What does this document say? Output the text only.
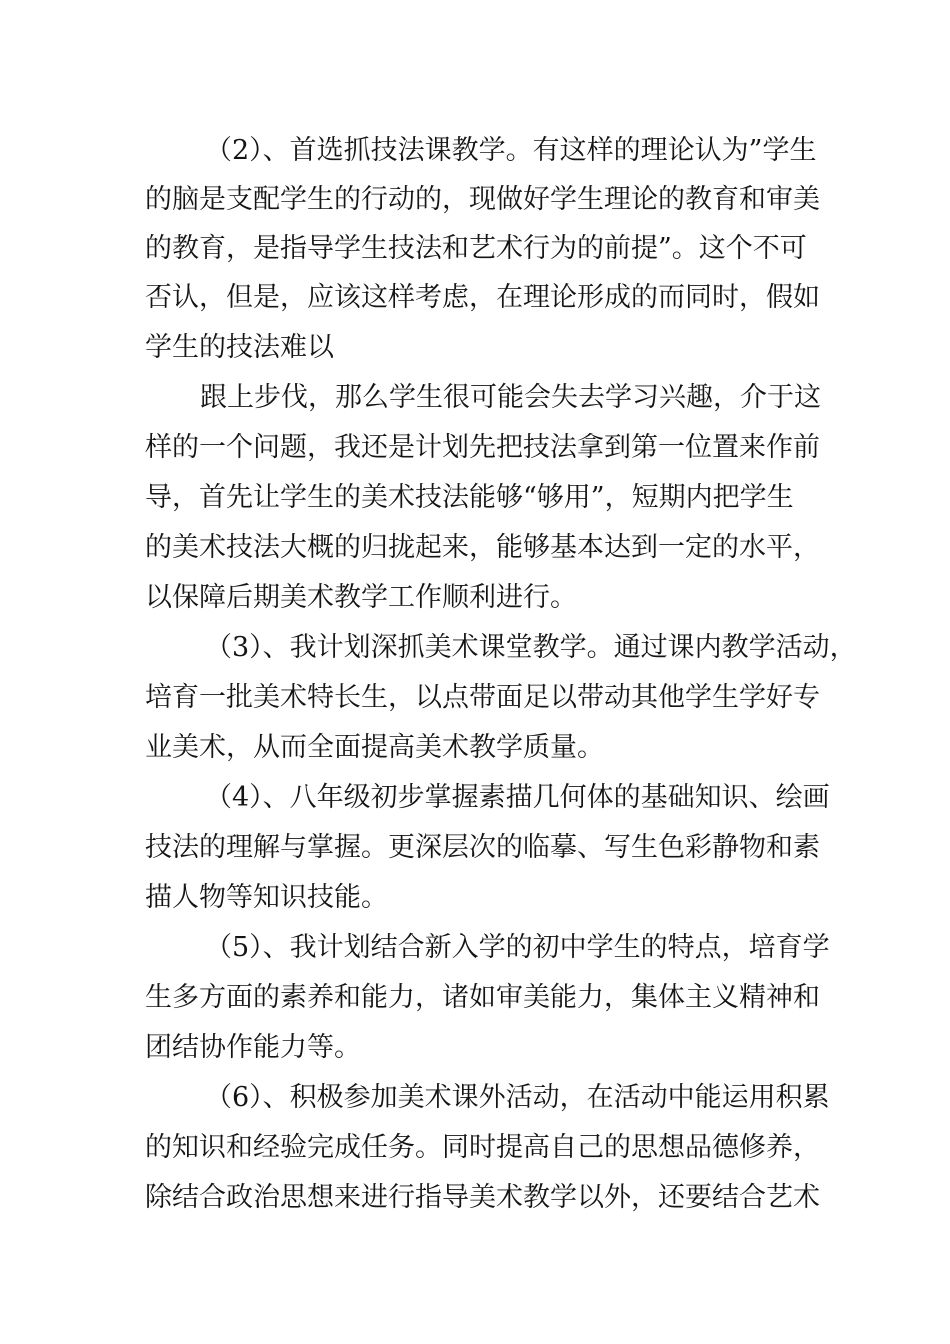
（2）、首选抓技法课教学。有这样的理论认为”学生
的脑是支配学生的行动的，现做好学生理论的教育和审美
的教育，是指导学生技法和艺术行为的前提”。这个不可
否认，但是，应该这样考虑，在理论形成的而同时，假如
学生的技法难以
跟上步伐，那么学生很可能会失去学习兴趣，介于这
样的一个问题，我还是计划先把技法拿到第一位置来作前
导，首先让学生的美术技法能够“够用”，短期内把学生
的美术技法大概的归拢起来，能够基本达到一定的水平，
以保障后期美术教学工作顺利进行。
（3）、我计划深抓美术课堂教学。通过课内教学活动，
培育一批美术特长生，以点带面足以带动其他学生学好专
业美术，从而全面提高美术教学质量。
（4）、八年级初步掌握素描几何体的基础知识、绘画
技法的理解与掌握。更深层次的临摹、写生色彩静物和素
描人物等知识技能。
（5）、我计划结合新入学的初中学生的特点，培育学
生多方面的素养和能力，诸如审美能力，集体主义精神和
团结协作能力等。
（6）、积极参加美术课外活动，在活动中能运用积累
的知识和经验完成任务。同时提高自己的思想品德修养，
除结合政治思想来进行指导美术教学以外，还要结合艺术
